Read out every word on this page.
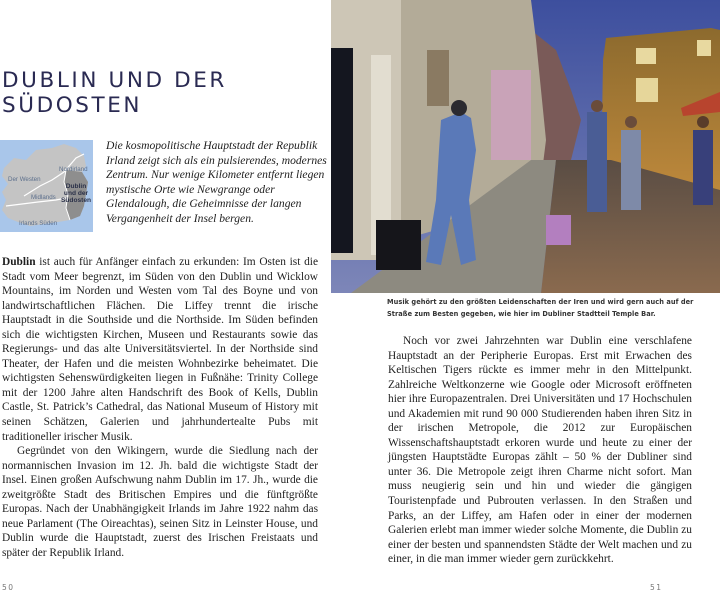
DUBLIN UND DER
SÜDOSTEN
Der Westen
Nordirland
Midlands
Dublin
und der
Südosten
Irlands Süden

Die kosmopolitische Hauptstadt der Republik Irland zeigt sich als ein pulsierendes, modernes Zentrum. Nur wenige Kilometer entfernt liegen mystische Orte wie Newgrange oder Glendalough, die Geheimnisse der langen Vergangenheit der Insel bergen.

Dublin ist auch für Anfänger einfach zu erkunden: Im Osten ist die Stadt vom Meer begrenzt, im Süden von den Dublin und Wicklow Mountains, im Norden und Westen vom Tal des Boyne und von landwirtschaftlichen Flächen. Die Liffey trennt die irische Hauptstadt in die Southside und die Northside. Im Süden befinden sich die wichtigsten Kirchen, Museen und Restaurants sowie das Regierungs- und das alte Universitätsviertel. In der Northside sind Theater, der Hafen und die meisten Wohnbezirke beheimatet. Die wichtigsten Sehenswürdigkeiten liegen in Fußnähe: Trinity College mit der 1200 Jahre alten Handschrift des Book of Kells, Dublin Castle, St. Patrick’s Cathedral, das National Museum of History mit seinen Schätzen, Galerien und jahrhundertealte Pubs mit traditioneller irischer Musik.

Gegründet von den Wikingern, wurde die Siedlung nach der normannischen Invasion im 12. Jh. bald die wichtigste Stadt der Insel. Einen großen Aufschwung nahm Dublin im 17. Jh., wurde die zweitgrößte Stadt des Britischen Empires und die fünftgrößte Europas. Nach der Unabhängigkeit Irlands im Jahre 1922 nahm das neue Parlament (The Oireachtas), seinen Sitz in Leinster House, und Dublin wurde die Hauptstadt, zuerst des Irischen Freistaats und später der Republik Irland.

50
Musik gehört zu den größten Leidenschaften der Iren und wird gern auch auf der Straße zum Besten gegeben, wie hier im Dubliner Stadtteil Temple Bar.

Noch vor zwei Jahrzehnten war Dublin eine verschlafene Hauptstadt an der Peripherie Europas. Erst mit Erwachen des Keltischen Tigers rückte es immer mehr in den Mittelpunkt. Zahlreiche Weltkonzerne wie Google oder Microsoft eröffneten hier ihre Europazentralen. Drei Universitäten und 17 Hochschulen und Akademien mit rund 90 000 Studierenden haben ihren Sitz in der irischen Metropole, die 2012 zur Europäischen Wissenschaftshauptstadt erkoren wurde und heute zu einer der jüngsten Hauptstädte Europas zählt – 50 % der Dubliner sind unter 36. Die Metropole zeigt ihren Charme nicht sofort. Man muss neugierig sein und hin und wieder die gängigen Touristenpfade und Pubrouten verlassen. In den Straßen und Parks, an der Liffey, am Hafen oder in einer der modernen Galerien erlebt man immer wieder solche Momente, die Dublin zu einer der besten und spannendsten Städte der Welt machen und zu einer, in die man immer wieder gern zurückkehrt.

51
